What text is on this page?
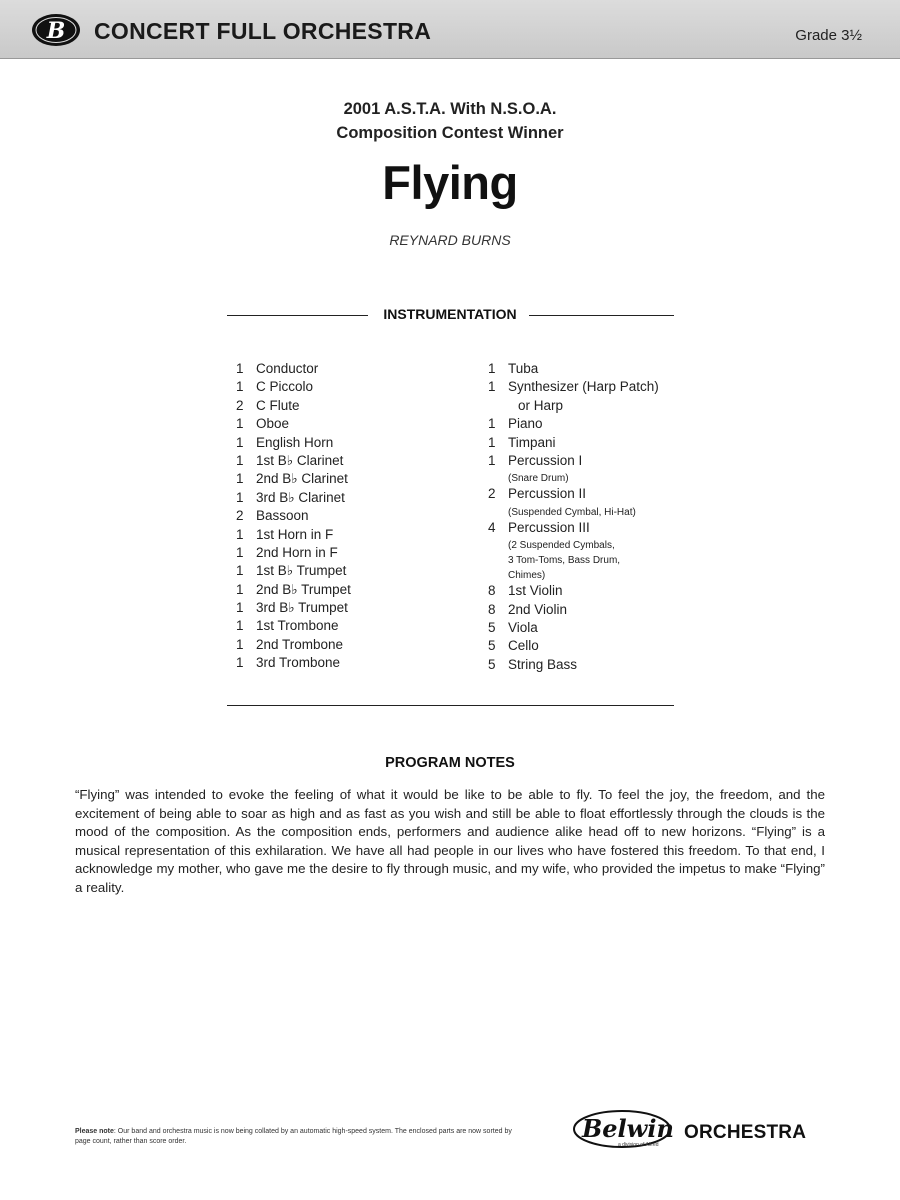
B CONCERT FULL ORCHESTRA	Grade 3½
2001 A.S.T.A. With N.S.O.A.
Composition Contest Winner
Flying
REYNARD BURNS
INSTRUMENTATION
1 Conductor
1 C Piccolo
2 C Flute
1 Oboe
1 English Horn
1 1st B♭ Clarinet
1 2nd B♭ Clarinet
1 3rd B♭ Clarinet
2 Bassoon
1 1st Horn in F
1 2nd Horn in F
1 1st B♭ Trumpet
1 2nd B♭ Trumpet
1 3rd B♭ Trumpet
1 1st Trombone
1 2nd Trombone
1 3rd Trombone
1 Tuba
1 Synthesizer (Harp Patch)
or Harp
1 Piano
1 Timpani
1 Percussion I
(Snare Drum)
2 Percussion II
(Suspended Cymbal, Hi-Hat)
4 Percussion III
(2 Suspended Cymbals,
3 Tom-Toms, Bass Drum,
Chimes)
8 1st Violin
8 2nd Violin
5 Viola
5 Cello
5 String Bass
PROGRAM NOTES
“Flying” was intended to evoke the feeling of what it would be like to be able to fly. To feel the joy, the freedom, and the excitement of being able to soar as high and as fast as you wish and still be able to float effortlessly through the clouds is the mood of the composition. As the composition ends, performers and audience alike head off to new horizons. “Flying” is a musical representation of this exhilaration. We have all had people in our lives who have fostered this freedom. To that end, I acknowledge my mother, who gave me the desire to fly through music, and my wife, who provided the impetus to make “Flying” a reality.
Please note: Our band and orchestra music is now being collated by an automatic high-speed system. The enclosed parts are now sorted by page count, rather than score order.	Belwin ORCHESTRA
a division of Alfred
